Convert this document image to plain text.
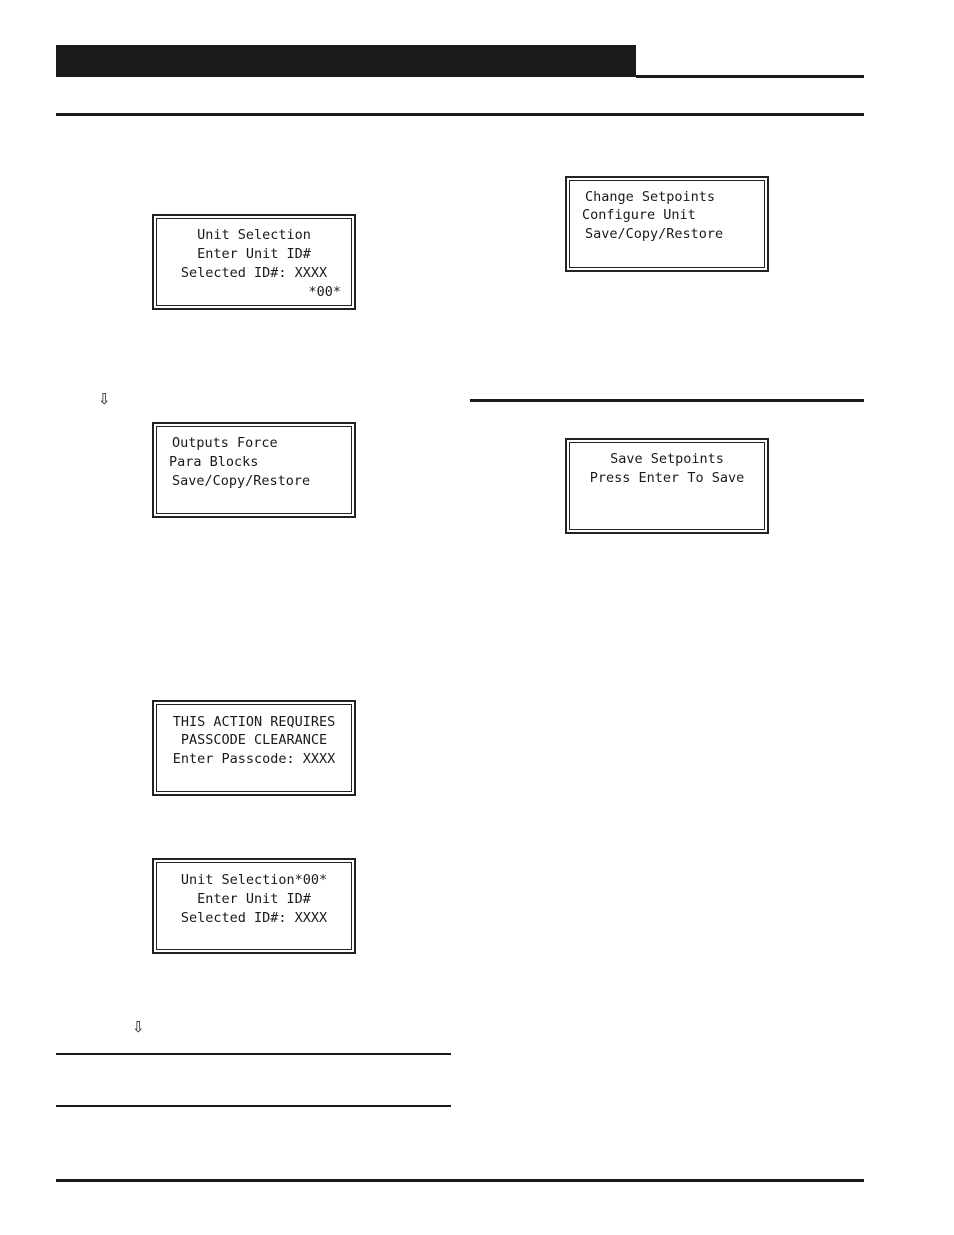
Unit Selection
Enter Unit ID#
Selected ID#: XXXX
*00*
⇩
Outputs Force
Para Blocks
Save/Copy/Restore
THIS ACTION REQUIRES
PASSCODE CLEARANCE
Enter Passcode: XXXX
Unit Selection*00*
Enter Unit ID#
Selected ID#: XXXX
⇩
Change Setpoints
Configure Unit
Save/Copy/Restore
Save Setpoints
Press Enter To Save
